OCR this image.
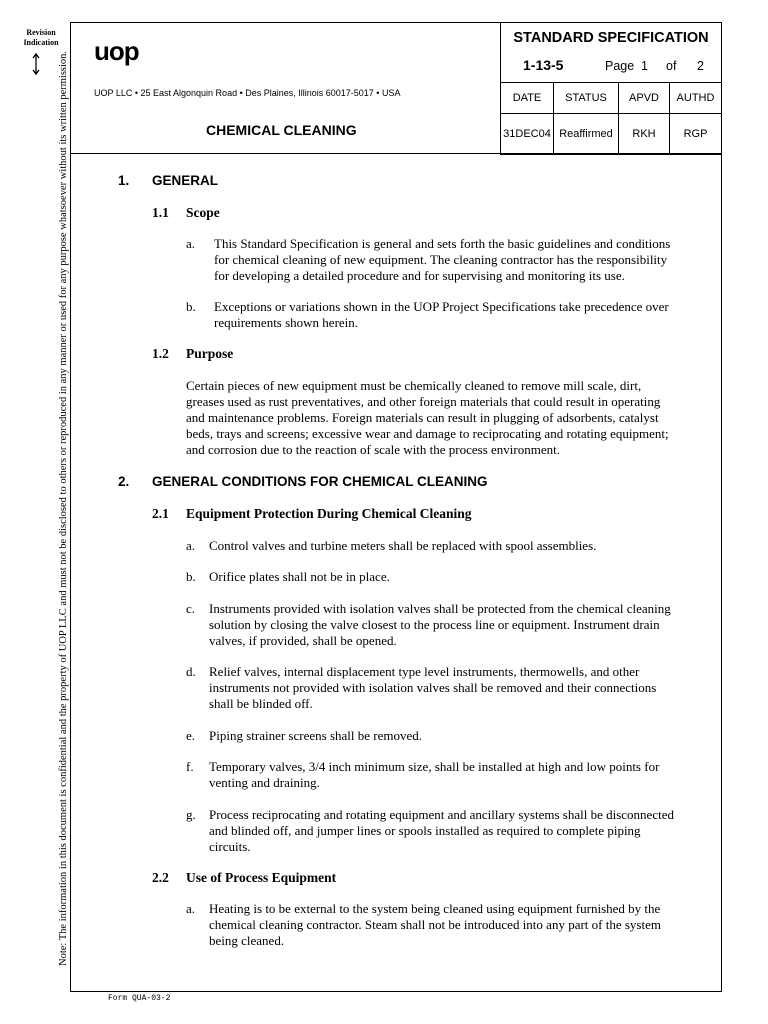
Revision Indication
Note: The information in this document is confidential and the property of UOP LLC and must not be disclosed to others or reproduced in any manner or used for any purpose whatsoever without its written permission. uop
UOP LLC • 25 East Algonquin Road • Des Plaines, Illinois 60017-5017 • USA
CHEMICAL CLEANING
STANDARD SPECIFICATION
1-13-5	Page 1 of 2
DATE	STATUS	APVD	AUTHD
31DEC04	Reaffirmed	RKH	RGP
1. GENERAL
1.1 Scope
a. This Standard Specification is general and sets forth the basic guidelines and conditions
for chemical cleaning of new equipment. The cleaning contractor has the responsibility
for developing a detailed procedure and for supervising and monitoring its use.
b. Exceptions or variations shown in the UOP Project Specifications take precedence over
requirements shown herein.
1.2 Purpose
Certain pieces of new equipment must be chemically cleaned to remove mill scale, dirt,
greases used as rust preventatives, and other foreign materials that could result in operating
and maintenance problems. Foreign materials can result in plugging of adsorbents, catalyst
beds, trays and screens; excessive wear and damage to reciprocating and rotating equipment;
and corrosion due to the reaction of scale with the process environment.
2. GENERAL CONDITIONS FOR CHEMICAL CLEANING
2.1 Equipment Protection During Chemical Cleaning
a. Control valves and turbine meters shall be replaced with spool assemblies.
b. Orifice plates shall not be in place.
c. Instruments provided with isolation valves shall be protected from the chemical cleaning
solution by closing the valve closest to the process line or equipment. Instrument drain
valves, if provided, shall be opened.
d. Relief valves, internal displacement type level instruments, thermowells, and other
instruments not provided with isolation valves shall be removed and their connections
shall be blinded off.
e. Piping strainer screens shall be removed.
f. Temporary valves, 3/4 inch minimum size, shall be installed at high and low points for
venting and draining.
g. Process reciprocating and rotating equipment and ancillary systems shall be disconnected
and blinded off, and jumper lines or spools installed as required to complete piping
circuits.
2.2 Use of Process Equipment
a. Heating is to be external to the system being cleaned using equipment furnished by the
chemical cleaning contractor. Steam shall not be introduced into any part of the system
being cleaned.
Form QUA-03-2
